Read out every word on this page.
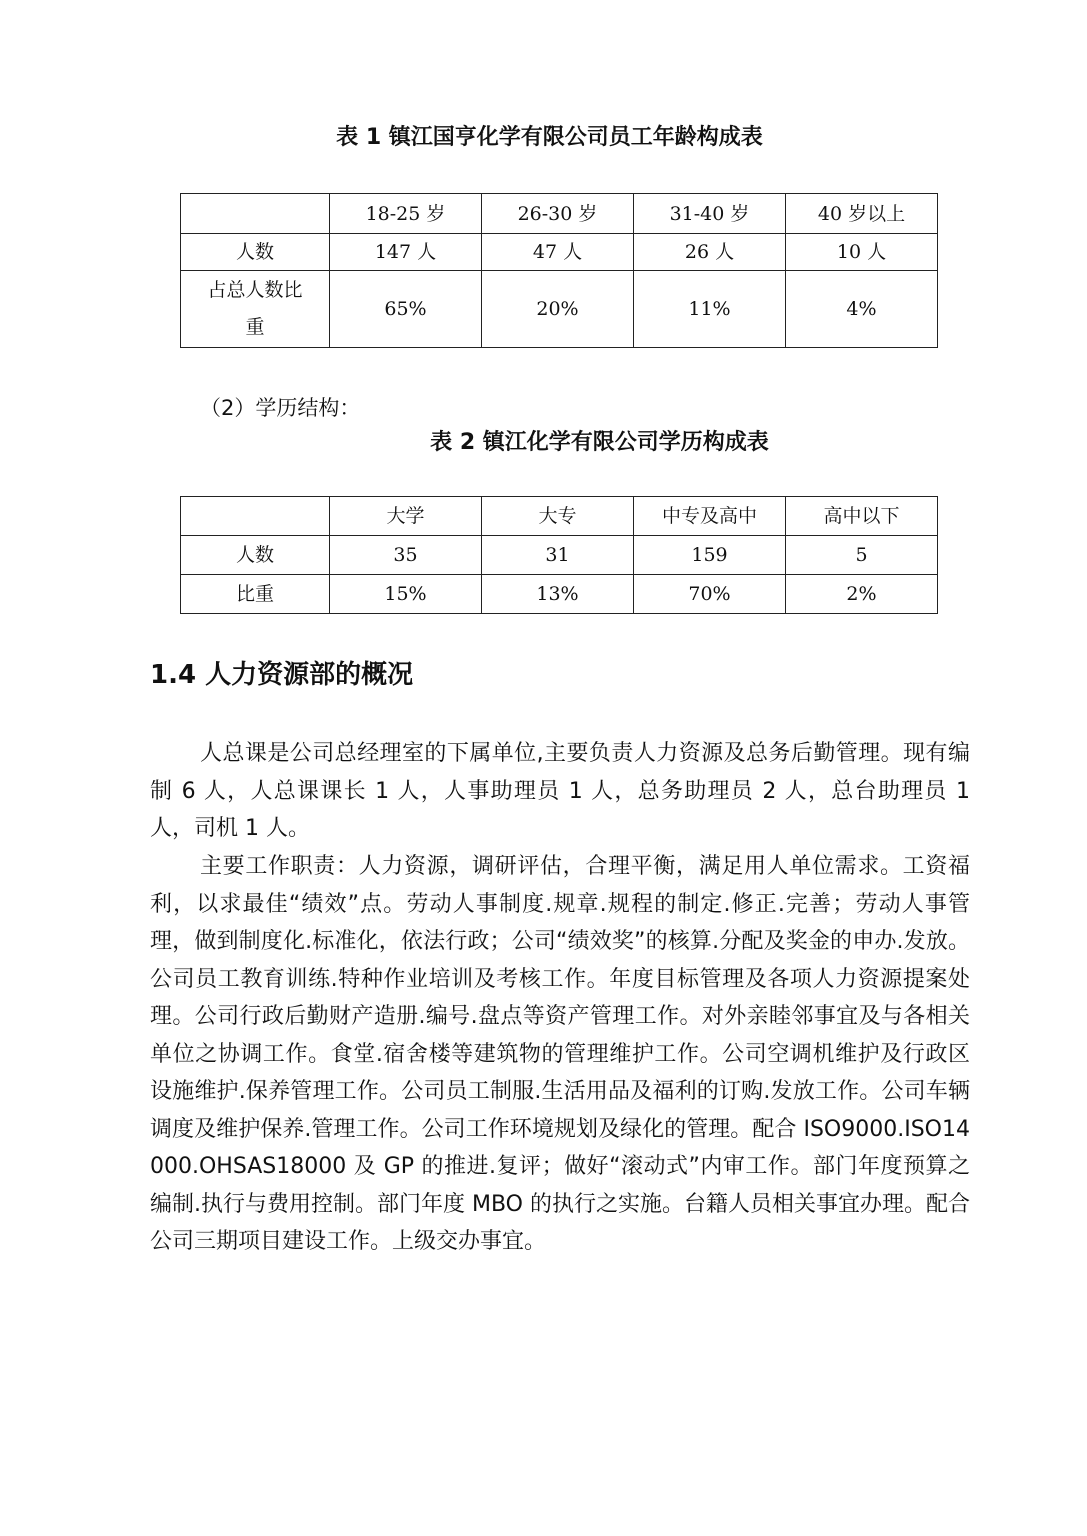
表 1 镇江国亨化学有限公司员工年龄构成表
	18-25 岁	26-30 岁	31-40 岁	40 岁以上
人数	147 人	47 人	26 人	10 人
占总人数比重	65%	20%	11%	4%
（2）学历结构：
表 2 镇江化学有限公司学历构成表
	大学	大专	中专及高中	高中以下
人数	35	31	159	5
比重	15%	13%	70%	2%
1.4 人力资源部的概况

人总课是公司总经理室的下属单位,主要负责人力资源及总务后勤管理。现有编制 6 人，人总课课长 1 人，人事助理员 1 人，总务助理员 2 人，总台助理员 1 人，司机 1 人。

主要工作职责：人力资源，调研评估，合理平衡，满足用人单位需求。工资福利，以求最佳“绩效”点。劳动人事制度.规章.规程的制定.修正.完善；劳动人事管理，做到制度化.标准化，依法行政；公司“绩效奖”的核算.分配及奖金的申办.发放。公司员工教育训练.特种作业培训及考核工作。年度目标管理及各项人力资源提案处理。公司行政后勤财产造册.编号.盘点等资产管理工作。对外亲睦邻事宜及与各相关单位之协调工作。食堂.宿舍楼等建筑物的管理维护工作。公司空调机维护及行政区设施维护.保养管理工作。公司员工制服.生活用品及福利的订购.发放工作。公司车辆调度及维护保养.管理工作。公司工作环境规划及绿化的管理。配合 ISO9000.ISO14000.OHSAS18000 及 GP 的推进.复评；做好“滚动式”内审工作。部门年度预算之编制.执行与费用控制。部门年度 MBO 的执行之实施。台籍人员相关事宜办理。配合公司三期项目建设工作。上级交办事宜。
